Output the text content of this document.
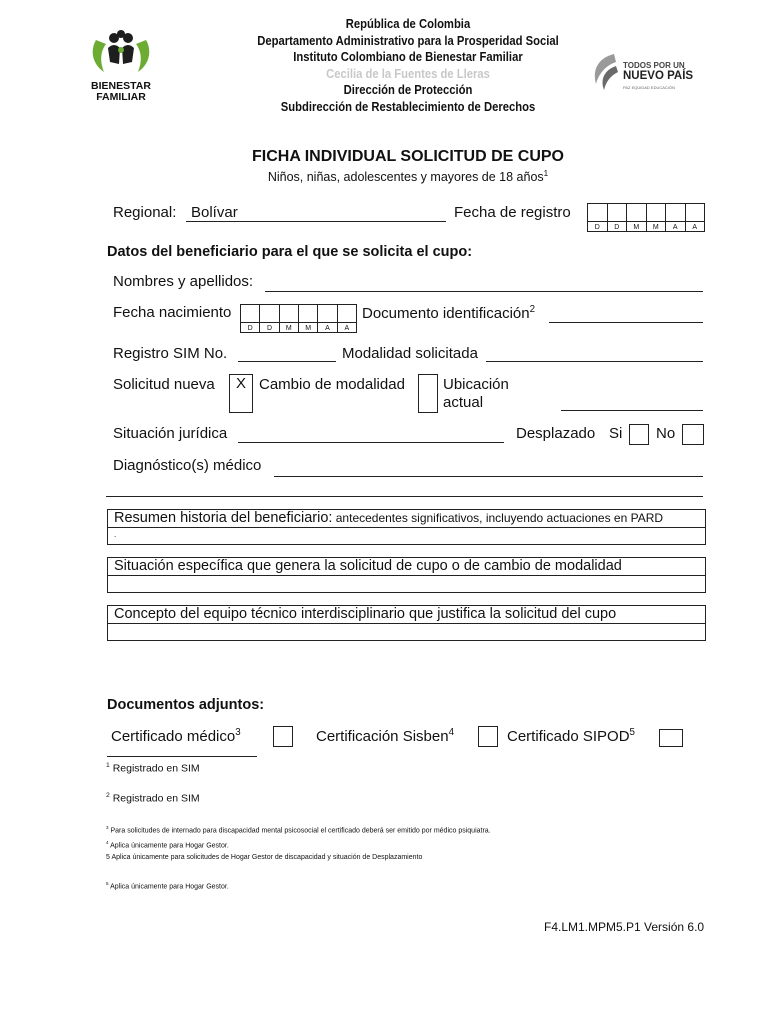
BIENESTAR
FAMILIAR
República de Colombia
Departamento Administrativo para la Prosperidad Social
Instituto Colombiano de Bienestar Familiar
Cecilia de la Fuentes de Lleras
Dirección de Protección
Subdirección de Restablecimiento de Derechos
TODOS POR UN
NUEVO PAÍS
PAZ EQUIDAD EDUCACIÓN
FICHA INDIVIDUAL SOLICITUD DE CUPO
Niños, niñas, adolescentes y mayores de 18 años$^1$
Regional: Bolívar	Fecha de registro
D	D	M	M	A	A
Datos del beneficiario para el que se solicita el cupo:
Nombres y apellidos:
Fecha nacimiento
D	D	M	M	A	A
Documento identificación$^2$
Registro SIM No.	Modalidad solicitada
Solicitud nueva	X Cambio de modalidad	Ubicación
actual
Situación jurídica	Desplazado Si No
Diagnóstico(s) médico
Resumen historia del beneficiario: antecedentes significativos, incluyendo actuaciones en PARD
.
Situación específica que genera la solicitud de cupo o de cambio de modalidad
Concepto del equipo técnico interdisciplinario que justifica la solicitud del cupo
Documentos adjuntos:
Certificado médico$^3$	Certificación Sisben$^4$	Certificado SIPOD$^5$
$^1$ Registrado en SIM
$^2$ Registrado en SIM
$^3$ Para solicitudes de internado para discapacidad mental psicosocial el certificado deberá ser emitido por médico psiquiatra.
$^4$ Aplica únicamente para Hogar Gestor.
5 Aplica únicamente para solicitudes de Hogar Gestor de discapacidad y situación de Desplazamiento
$^5$ Aplica únicamente para Hogar Gestor.
F4.LM1.MPM5.P1 Versión 6.0
